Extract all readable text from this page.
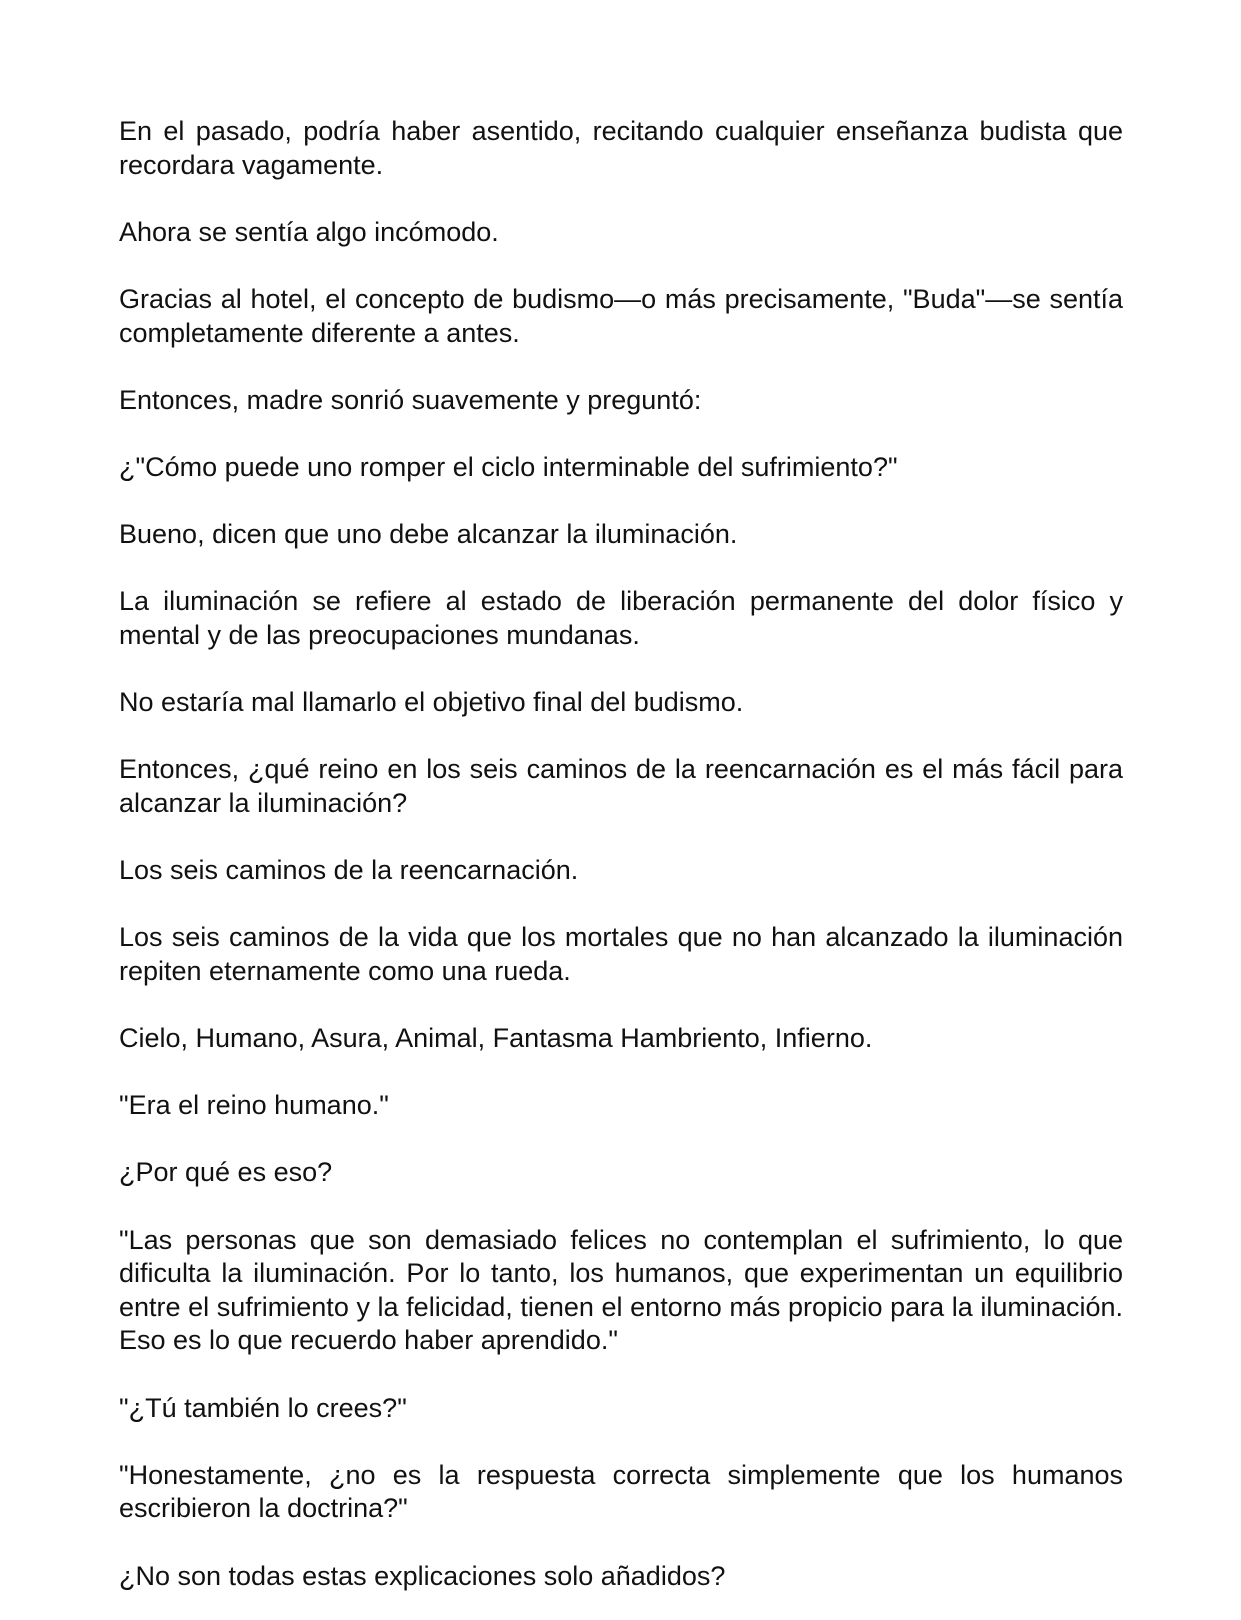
En el pasado, podría haber asentido, recitando cualquier enseñanza budista que recordara vagamente.

Ahora se sentía algo incómodo.

Gracias al hotel, el concepto de budismo—o más precisamente, "Buda"—se sentía completamente diferente a antes.

Entonces, madre sonrió suavemente y preguntó:

¿"Cómo puede uno romper el ciclo interminable del sufrimiento?"

Bueno, dicen que uno debe alcanzar la iluminación.

La iluminación se refiere al estado de liberación permanente del dolor físico y mental y de las preocupaciones mundanas.

No estaría mal llamarlo el objetivo final del budismo.

Entonces, ¿qué reino en los seis caminos de la reencarnación es el más fácil para alcanzar la iluminación?

Los seis caminos de la reencarnación.

Los seis caminos de la vida que los mortales que no han alcanzado la iluminación repiten eternamente como una rueda.

Cielo, Humano, Asura, Animal, Fantasma Hambriento, Infierno.

"Era el reino humano."

¿Por qué es eso?

"Las personas que son demasiado felices no contemplan el sufrimiento, lo que dificulta la iluminación. Por lo tanto, los humanos, que experimentan un equilibrio entre el sufrimiento y la felicidad, tienen el entorno más propicio para la iluminación. Eso es lo que recuerdo haber aprendido."

"¿Tú también lo crees?"

"Honestamente, ¿no es la respuesta correcta simplemente que los humanos escribieron la doctrina?"

¿No son todas estas explicaciones solo añadidos?
